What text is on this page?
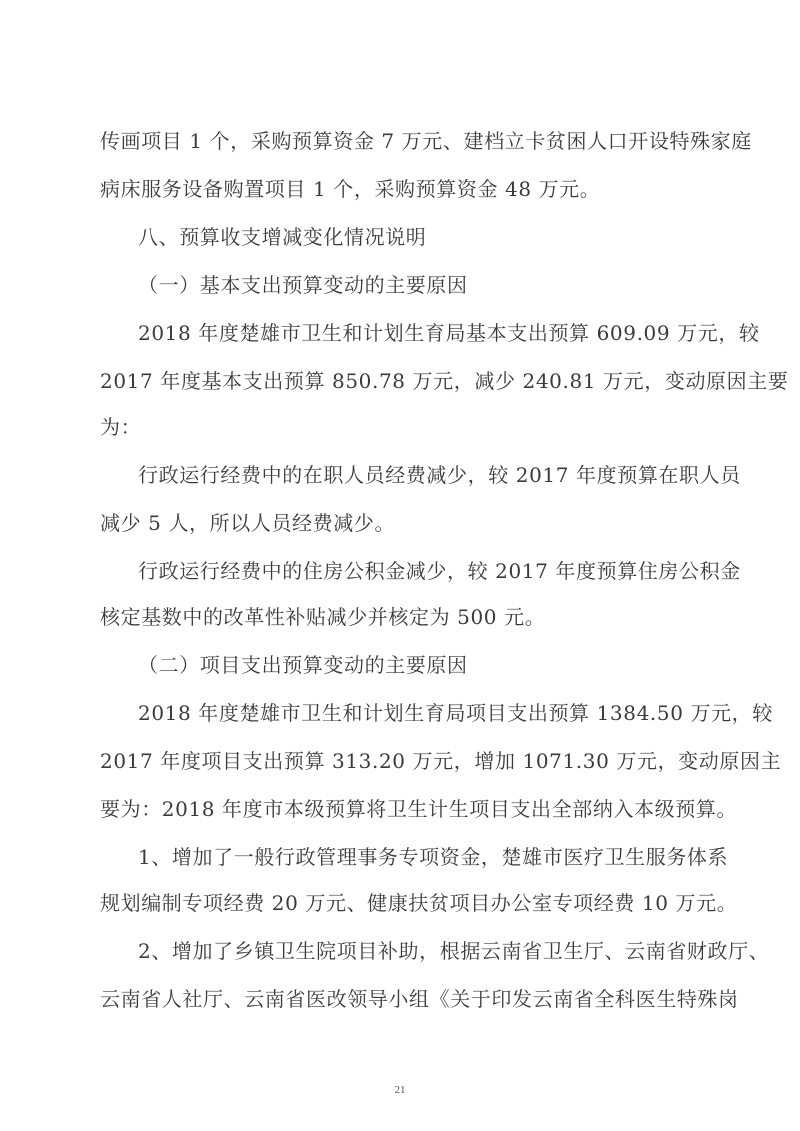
传画项目 1 个，采购预算资金 7 万元、建档立卡贫困人口开设特殊家庭

病床服务设备购置项目 1 个，采购预算资金 48 万元。

八、预算收支增减变化情况说明

（一）基本支出预算变动的主要原因

2018 年度楚雄市卫生和计划生育局基本支出预算 609.09 万元，较

2017 年度基本支出预算 850.78 万元，减少 240.81 万元，变动原因主要

为：

行政运行经费中的在职人员经费减少，较 2017 年度预算在职人员

减少 5 人，所以人员经费减少。

行政运行经费中的住房公积金减少，较 2017 年度预算住房公积金

核定基数中的改革性补贴减少并核定为 500 元。

（二）项目支出预算变动的主要原因

2018 年度楚雄市卫生和计划生育局项目支出预算 1384.50 万元，较

2017 年度项目支出预算 313.20 万元，增加 1071.30 万元，变动原因主

要为：2018 年度市本级预算将卫生计生项目支出全部纳入本级预算。

1、增加了一般行政管理事务专项资金，楚雄市医疗卫生服务体系

规划编制专项经费 20 万元、健康扶贫项目办公室专项经费 10 万元。

2、增加了乡镇卫生院项目补助，根据云南省卫生厅、云南省财政厅、

云南省人社厅、云南省医改领导小组《关于印发云南省全科医生特殊岗

21
